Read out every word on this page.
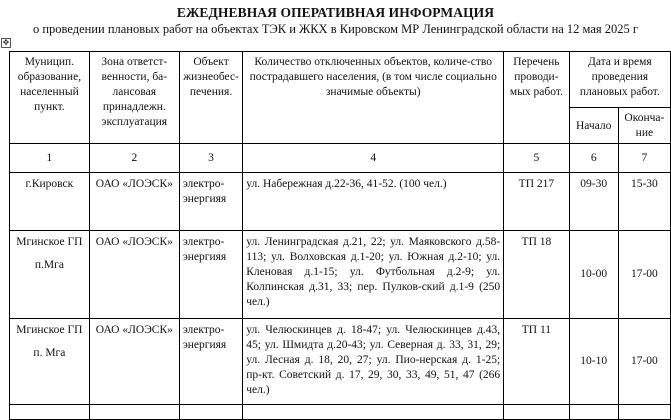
ЕЖЕДНЕВНАЯ ОПЕРАТИВНАЯ ИНФОРМАЦИЯ
о проведении плановых работ на объектах ТЭК и ЖКХ в Кировском МР Ленинградской области на 12 мая 2025 г
✥
Муницип. образование, населенный пункт.	Зона ответст-венности, ба-лансовая принадлежн. эксплуатация	Объект жизнеобес-печения.	Количество отключенных объектов, количе-ство пострадавшего населения, (в том числе социально значимые объекты)	Перечень проводи-мых работ.	Дата и время проведения плановых работ.	
					Начало	Оконча-ние
1	2	3	4	5	6	7

г.Кировск	ОАО «ЛОЭСК»	электро-энергияя	ул. Набережная д.22-36, 41-52. (100 чел.)	ТП 217	09-30	15-30

Мгинское ГП
п.Мга	ОАО «ЛОЭСК»	электро-энергияя	ул. Ленинградская д.21, 22; ул. Маяковского д.58-113; ул. Волховская д.1-20; ул. Южная д.2-10; ул. Кленовая д.1-15; ул. Футбольная д.2-9; ул. Колпинская д.31, 33; пер. Пулков-ский д.1-9 (250 чел.)	ТП 18	10-00	17-00

Мгинское ГП
п. Мга	ОАО «ЛОЭСК»	электро-энергияя	ул. Челюскинцев д. 18-47; ул. Челюскинцев д.43, 45; ул. Шмидта д.20-43; ул. Северная д. 33, 31, 29; ул. Лесная д. 18, 20, 27; ул. Пио-нерская д. 1-25; пр-кт. Советский д. 17, 29, 30, 33, 49, 51, 47 (266 чел.)	ТП 11	10-10	17-00
